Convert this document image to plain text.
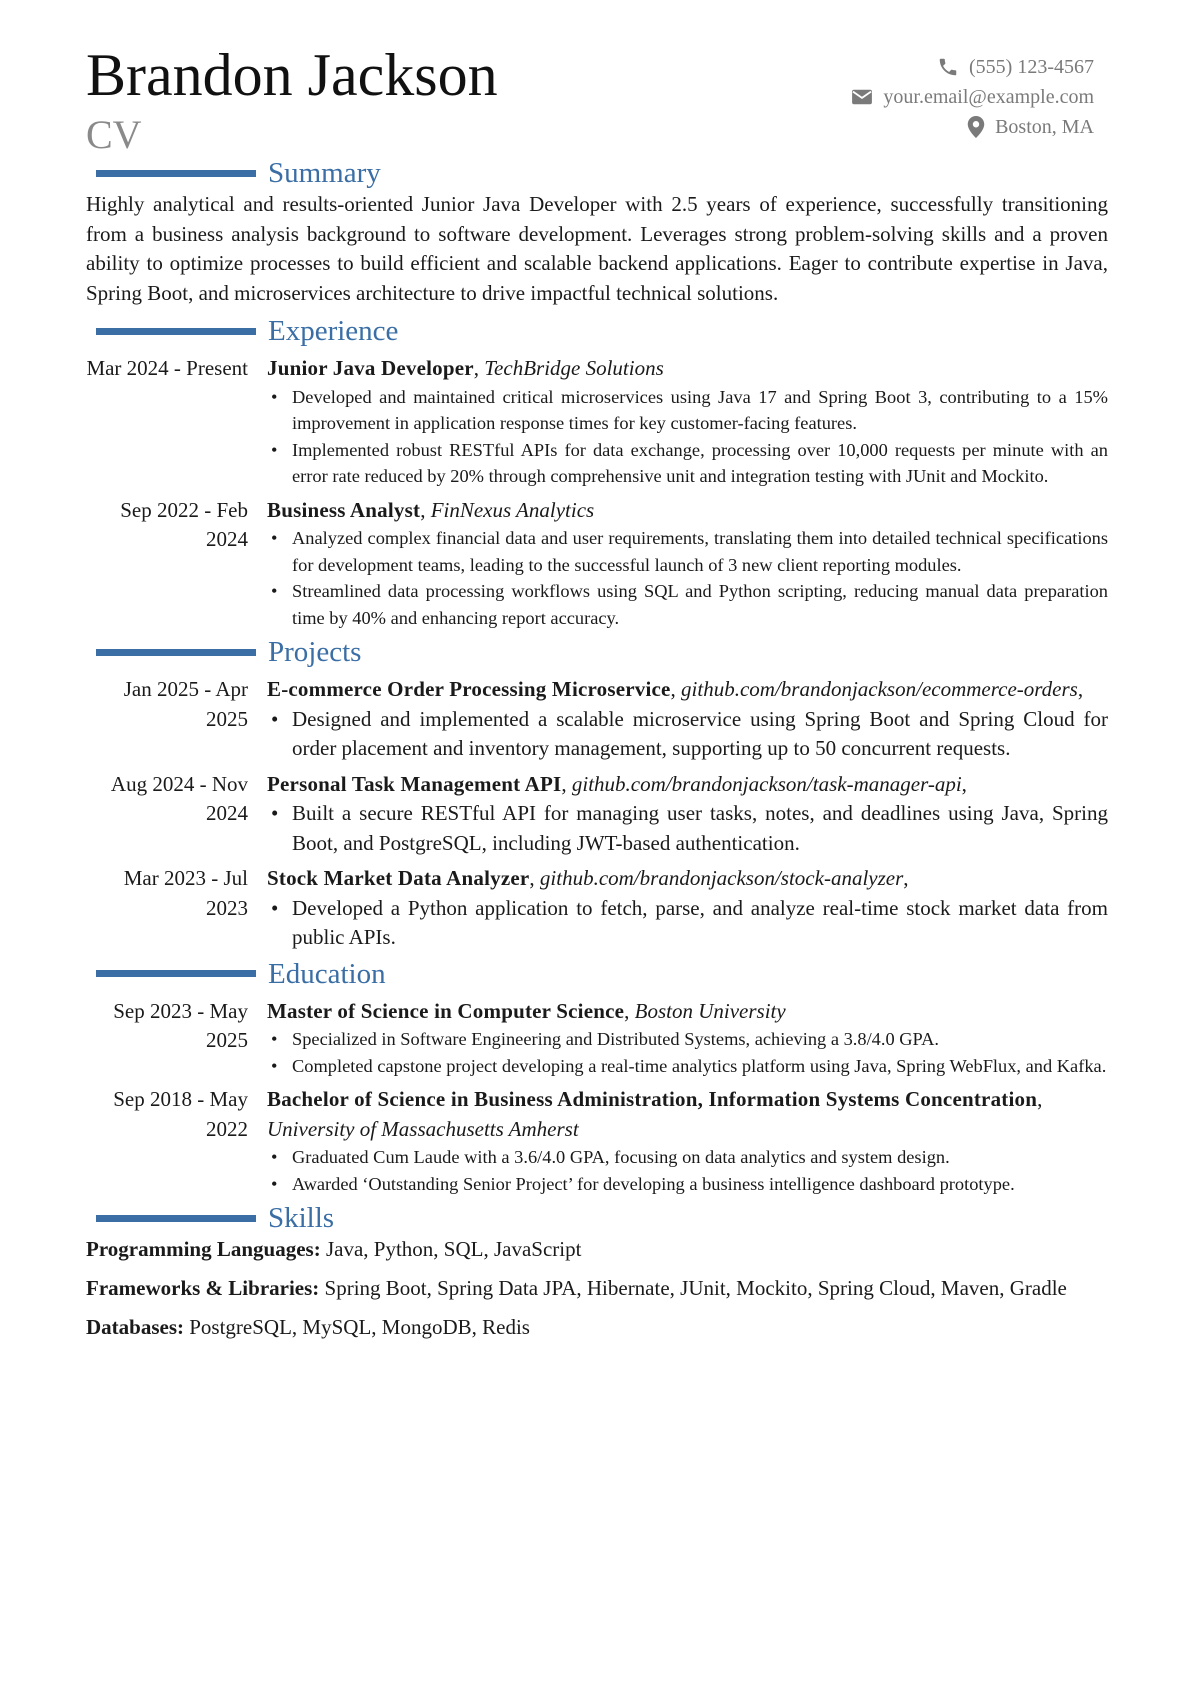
Brandon Jackson
CV
(555) 123-4567
your.email@example.com
Boston, MA
Summary

Highly analytical and results-oriented Junior Java Developer with 2.5 years of experience, successfully transitioning from a business analysis background to software development. Leverages strong problem-solving skills and a proven ability to optimize processes to build efficient and scalable backend applications. Eager to contribute expertise in Java, Spring Boot, and microservices architecture to drive impactful technical solutions.

Experience
Mar 2024 - Present Junior Java Developer, TechBridge Solutions
• Developed and maintained critical microservices using Java 17 and Spring Boot 3, contributing to a 15% improvement in application response times for key customer-facing features.
• Implemented robust RESTful APIs for data exchange, processing over 10,000 requests per minute with an error rate reduced by 20% through comprehensive unit and integration testing with JUnit and Mockito.
Sep 2022 - Feb 2024
Business Analyst, FinNexus Analytics
• Analyzed complex financial data and user requirements, translating them into detailed technical specifications for development teams, leading to the successful launch of 3 new client reporting modules.
• Streamlined data processing workflows using SQL and Python scripting, reducing manual data preparation time by 40% and enhancing report accuracy.
Projects
Jan 2025 - Apr 2025
E-commerce Order Processing Microservice, github.com/brandonjackson/ecommerce-orders,
• Designed and implemented a scalable microservice using Spring Boot and Spring Cloud for order placement and inventory management, supporting up to 50 concurrent requests.
Aug 2024 - Nov 2024
Personal Task Management API, github.com/brandonjackson/task-manager-api,
• Built a secure RESTful API for managing user tasks, notes, and deadlines using Java, Spring Boot, and PostgreSQL, including JWT-based authentication.
Mar 2023 - Jul 2023
Stock Market Data Analyzer, github.com/brandonjackson/stock-analyzer,
• Developed a Python application to fetch, parse, and analyze real-time stock market data from public APIs.
Education
Sep 2023 - May 2025
Master of Science in Computer Science, Boston University
• Specialized in Software Engineering and Distributed Systems, achieving a 3.8/4.0 GPA.
• Completed capstone project developing a real-time analytics platform using Java, Spring WebFlux, and Kafka.
Sep 2018 - May 2022
Bachelor of Science in Business Administration, Information Systems Concentration, University of Massachusetts Amherst
• Graduated Cum Laude with a 3.6/4.0 GPA, focusing on data analytics and system design.
• Awarded ‘Outstanding Senior Project’ for developing a business intelligence dashboard prototype.
Skills

Programming Languages: Java, Python, SQL, JavaScript

Frameworks & Libraries: Spring Boot, Spring Data JPA, Hibernate, JUnit, Mockito, Spring Cloud, Maven, Gradle

Databases: PostgreSQL, MySQL, MongoDB, Redis
